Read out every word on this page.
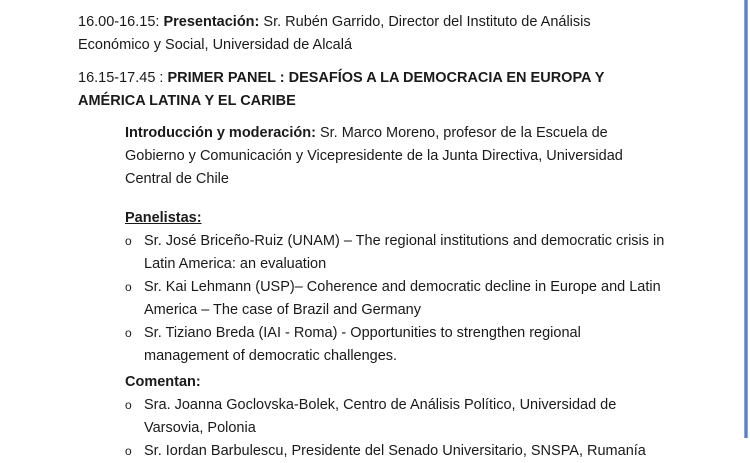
16.00-16.15: Presentación: Sr. Rubén Garrido, Director del Instituto de Análisis Económico y Social, Universidad de Alcalá

16.15-17.45 : PRIMER PANEL : DESAFÍOS A LA DEMOCRACIA EN EUROPA Y AMÉRICA LATINA Y EL CARIBE

Introducción y moderación: Sr. Marco Moreno, profesor de la Escuela de Gobierno y Comunicación y Vicepresidente de la Junta Directiva, Universidad Central de Chile

Panelistas:

o Sr. José Briceño-Ruiz (UNAM) – The regional institutions and democratic crisis in Latin America: an evaluation
o Sr. Kai Lehmann (USP)– Coherence and democratic decline in Europe and Latin America – The case of Brazil and Germany
o Sr. Tiziano Breda (IAI - Roma) - Opportunities to strengthen regional management of democratic challenges.

Comentan:

o Sra. Joanna Goclovska-Bolek, Centro de Análisis Político, Universidad de Varsovia, Polonia
o Sr. Iordan Barbulescu, Presidente del Senado Universitario, SNSPA, Rumanía
